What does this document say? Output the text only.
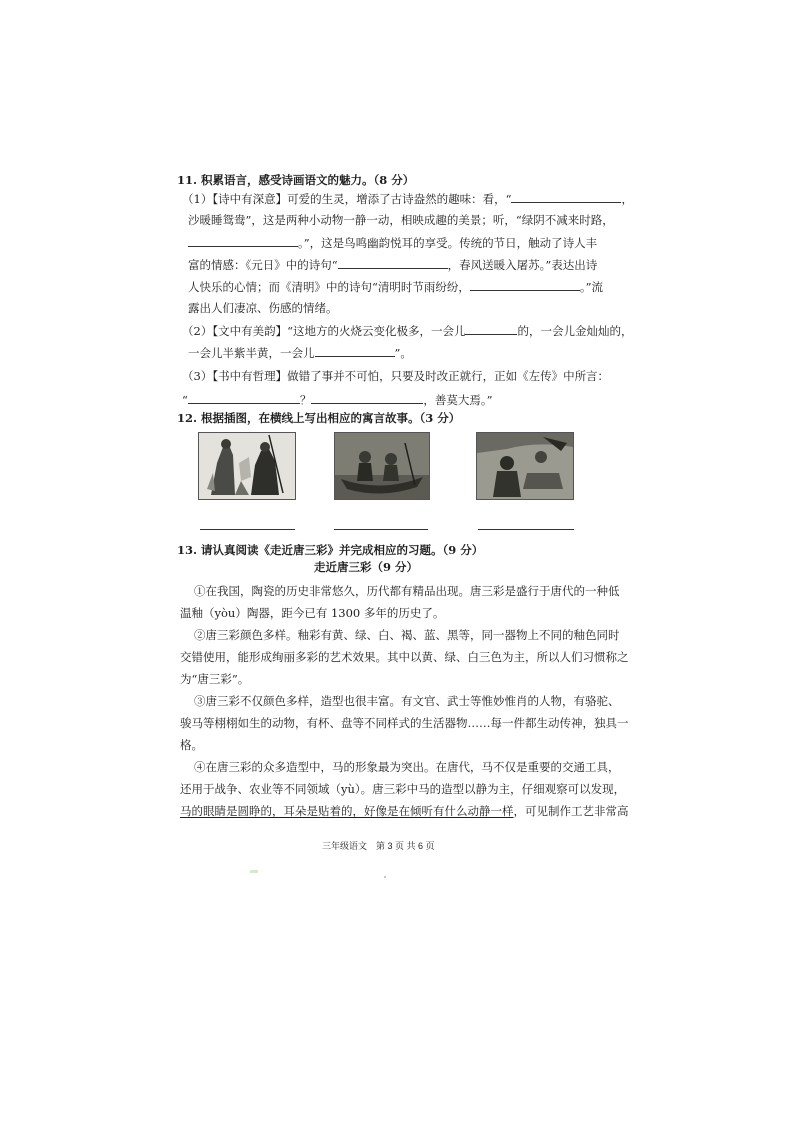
11. 积累语言，感受诗画语文的魅力。（8 分）
（1）【诗中有深意】可爱的生灵，增添了古诗盎然的趣味：看，“	，
沙暖睡鸳鸯”，这是两种小动物一静一动，相映成趣的美景；听，“绿阴不减来时路，
。”，这是鸟鸣幽韵悦耳的享受。传统的节日，触动了诗人丰
富的情感：《元日》中的诗句“	，春风送暖入屠苏。”表达出诗
人快乐的心情；而《清明》中的诗句“清明时节雨纷纷，	。”流
露出人们凄凉、伤感的情绪。
（2）【文中有美韵】“这地方的火烧云变化极多，一会儿	的，一会儿金灿灿的，
一会儿半紫半黄，一会儿	”。
（3）【书中有哲理】做错了事并不可怕，只要及时改正就行，正如《左传》中所言：
“	？	，善莫大焉。”
12. 根据插图，在横线上写出相应的寓言故事。（3 分）
13. 请认真阅读《走近唐三彩》并完成相应的习题。（9 分）
走近唐三彩（9 分）
①在我国，陶瓷的历史非常悠久，历代都有精品出现。唐三彩是盛行于唐代的一种低
温釉（yòu）陶器，距今已有 1300 多年的历史了。
②唐三彩颜色多样。釉彩有黄、绿、白、褐、蓝、黑等，同一器物上不同的釉色同时
交错使用，能形成绚丽多彩的艺术效果。其中以黄、绿、白三色为主，所以人们习惯称之
为“唐三彩”。
③唐三彩不仅颜色多样，造型也很丰富。有文官、武士等惟妙惟肖的人物，有骆驼、
骏马等栩栩如生的动物，有杯、盘等不同样式的生活器物……每一件都生动传神，独具一
格。
④在唐三彩的众多造型中，马的形象最为突出。在唐代，马不仅是重要的交通工具，
还用于战争、农业等不同领域（yù）。唐三彩中马的造型以静为主，仔细观察可以发现，
马的眼睛是圆睁的，耳朵是贴着的，好像是在倾听有什么动静一样，可见制作工艺非常高
三年级语文　第 3 页 共 6 页
